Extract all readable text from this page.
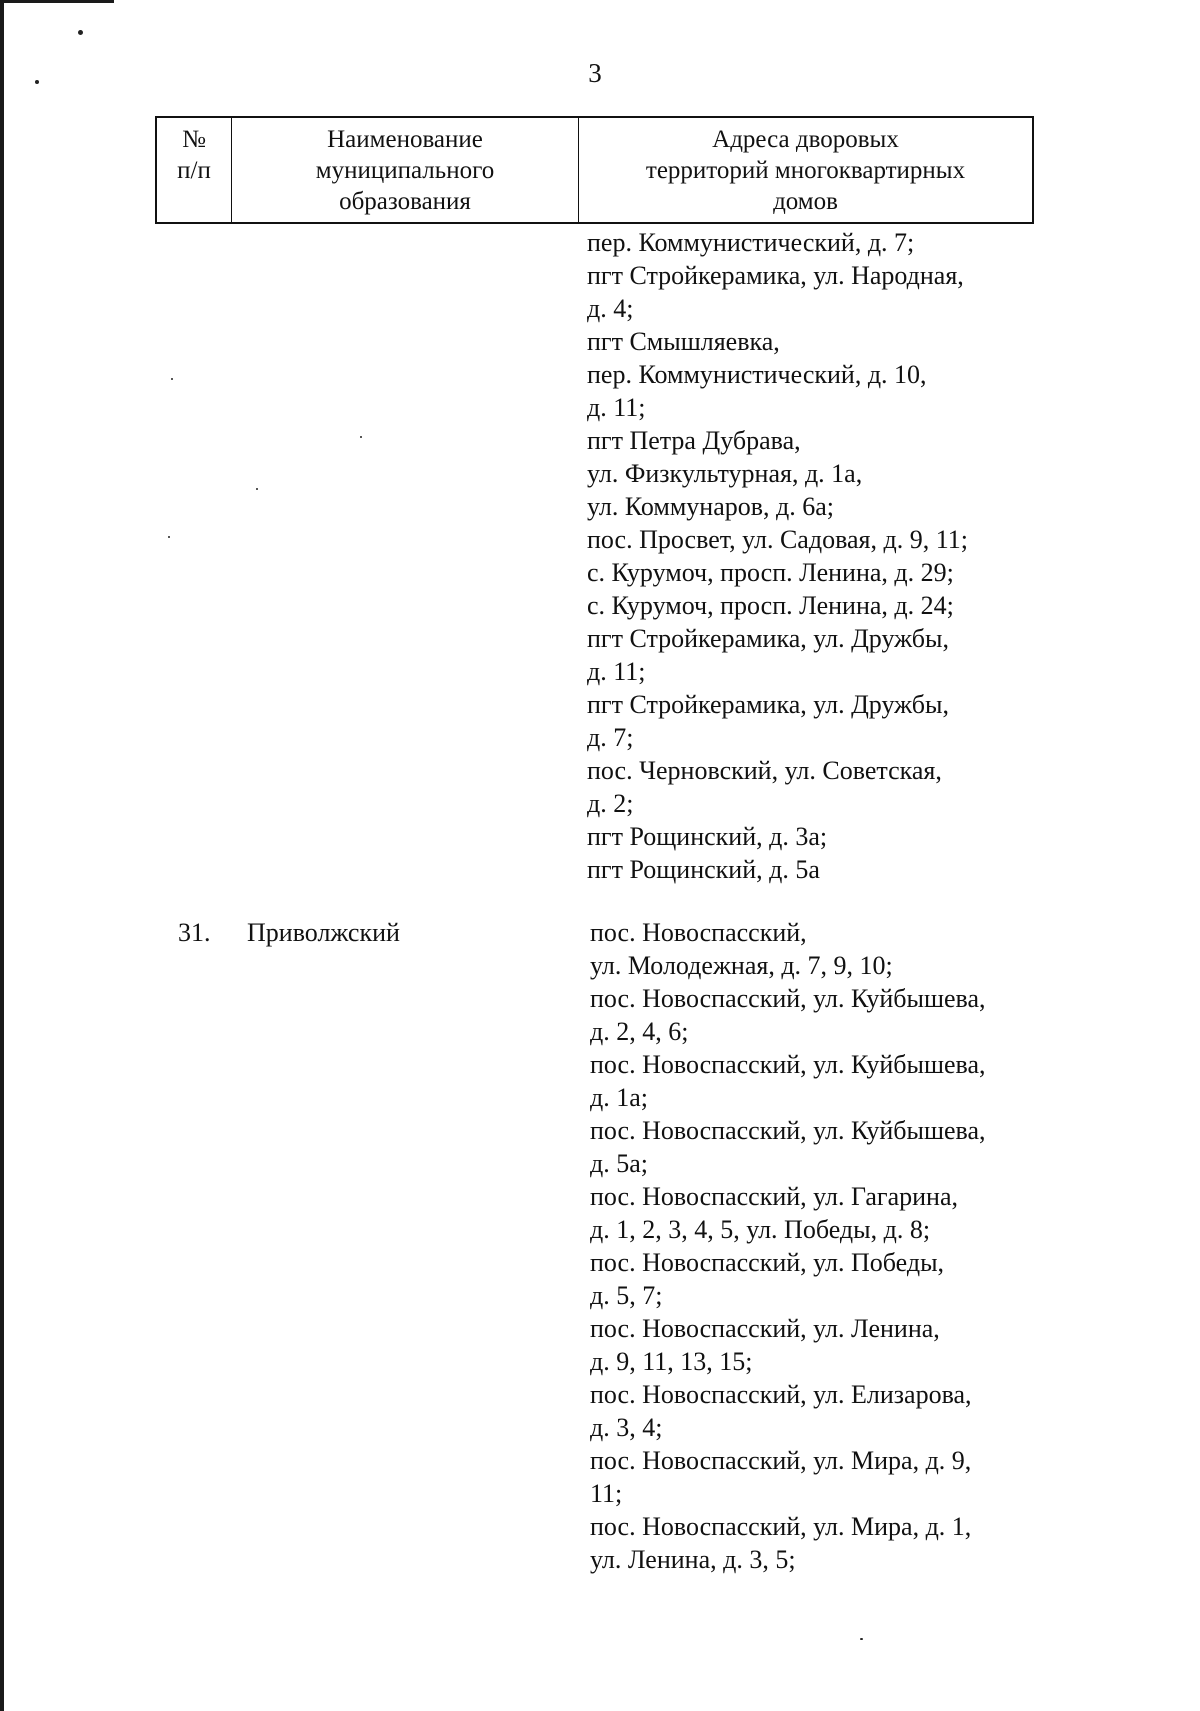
3
№
п/п
Наименование
муниципального
образования
Адреса дворовых
территорий многоквартирных
домов
пер. Коммунистический, д. 7;
пгт Стройкерамика, ул. Народная,
д. 4;
пгт Смышляевка,
пер. Коммунистический, д. 10,
д. 11;
пгт Петра Дубрава,
ул. Физкультурная, д. 1а,
ул. Коммунаров, д. 6а;
пос. Просвет, ул. Садовая, д. 9, 11;
с. Курумоч, просп. Ленина, д. 29;
с. Курумоч, просп. Ленина, д. 24;
пгт Стройкерамика, ул. Дружбы,
д. 11;
пгт Стройкерамика, ул. Дружбы,
д. 7;
пос. Черновский, ул. Советская,
д. 2;
пгт Рощинский, д. 3а;
пгт Рощинский, д. 5а
31. Приволжский	пос. Новоспасский,
ул. Молодежная, д. 7, 9, 10;
пос. Новоспасский, ул. Куйбышева,
д. 2, 4, 6;
пос. Новоспасский, ул. Куйбышева,
д. 1а;
пос. Новоспасский, ул. Куйбышева,
д. 5а;
пос. Новоспасский, ул. Гагарина,
д. 1, 2, 3, 4, 5, ул. Победы, д. 8;
пос. Новоспасский, ул. Победы,
д. 5, 7;
пос. Новоспасский, ул. Ленина,
д. 9, 11, 13, 15;
пос. Новоспасский, ул. Елизарова,
д. 3, 4;
пос. Новоспасский, ул. Мира, д. 9,
11;
пос. Новоспасский, ул. Мира, д. 1,
ул. Ленина, д. 3, 5;
